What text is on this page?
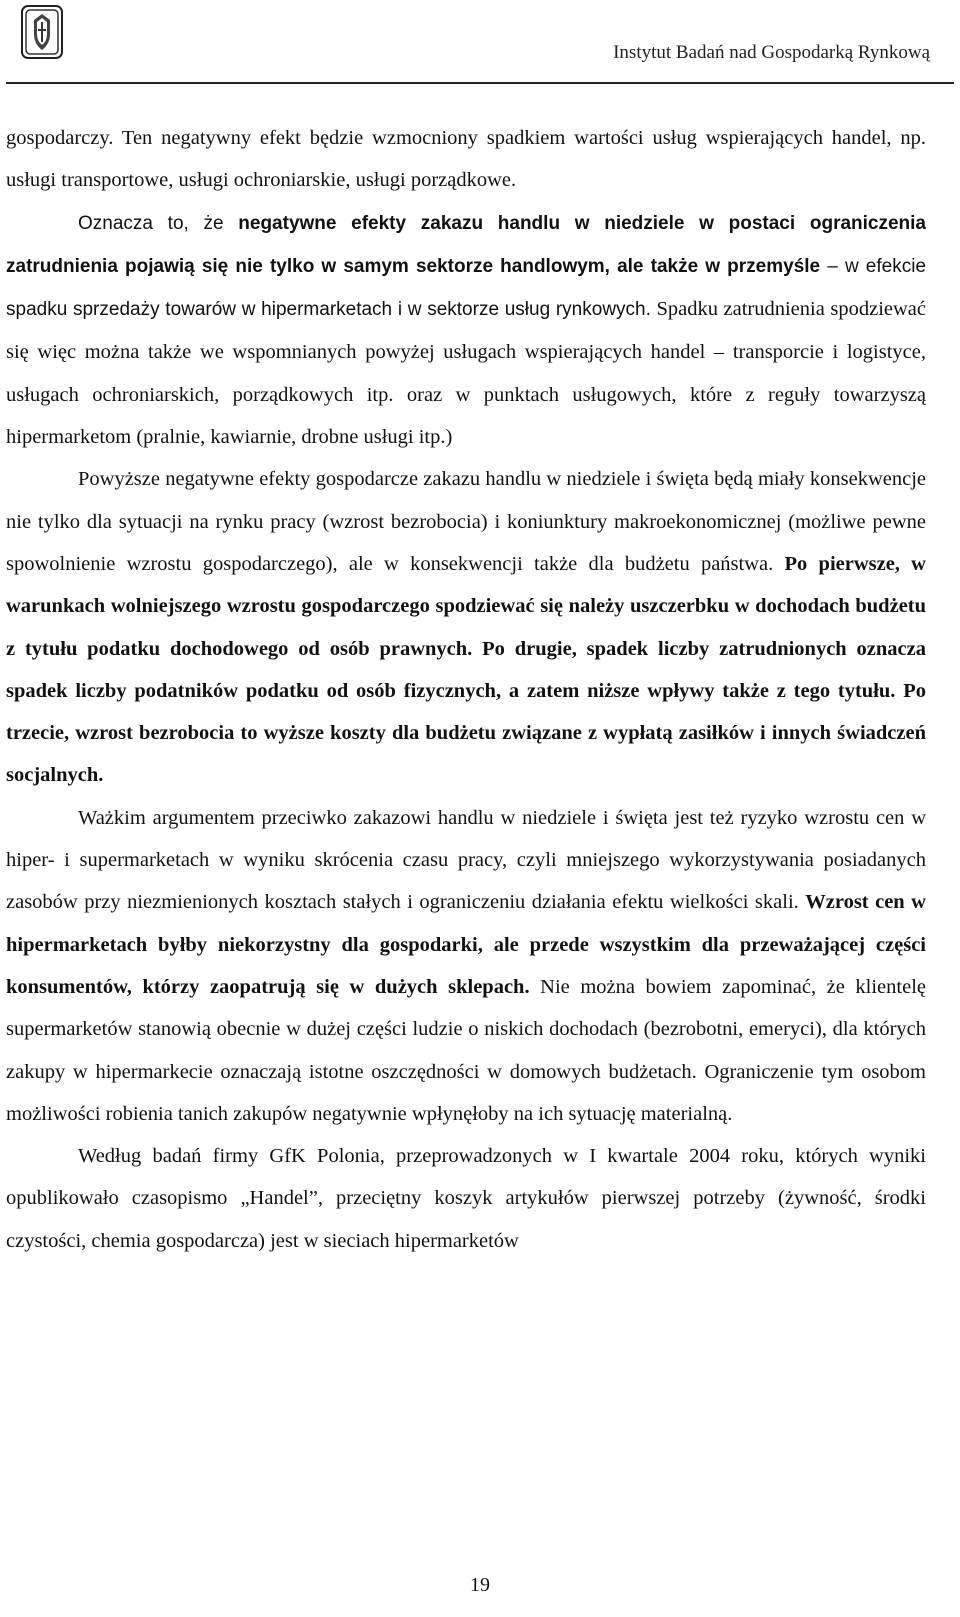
Instytut Badań nad Gospodarką Rynkową

gospodarczy. Ten negatywny efekt będzie wzmocniony spadkiem wartości usług wspierających handel, np. usługi transportowe, usługi ochroniarskie, usługi porządkowe.

Oznacza to, że negatywne efekty zakazu handlu w niedziele w postaci ograniczenia zatrudnienia pojawią się nie tylko w samym sektorze handlowym, ale także w przemyśle – w efekcie spadku sprzedaży towarów w hipermarketach i w sektorze usług rynkowych. Spadku zatrudnienia spodziewać się więc można także we wspomnianych powyżej usługach wspierających handel – transporcie i logistyce, usługach ochroniarskich, porządkowych itp. oraz w punktach usługowych, które z reguły towarzyszą hipermarketom (pralnie, kawiarnie, drobne usługi itp.)

Powyższe negatywne efekty gospodarcze zakazu handlu w niedziele i święta będą miały konsekwencje nie tylko dla sytuacji na rynku pracy (wzrost bezrobocia) i koniunktury makroekonomicznej (możliwe pewne spowolnienie wzrostu gospodarczego), ale w konsekwencji także dla budżetu państwa. Po pierwsze, w warunkach wolniejszego wzrostu gospodarczego spodziewać się należy uszczerbku w dochodach budżetu z tytułu podatku dochodowego od osób prawnych. Po drugie, spadek liczby zatrudnionych oznacza spadek liczby podatników podatku od osób fizycznych, a zatem niższe wpływy także z tego tytułu. Po trzecie, wzrost bezrobocia to wyższe koszty dla budżetu związane z wypłatą zasiłków i innych świadczeń socjalnych.

Ważkim argumentem przeciwko zakazowi handlu w niedziele i święta jest też ryzyko wzrostu cen w hiper- i supermarketach w wyniku skrócenia czasu pracy, czyli mniejszego wykorzystywania posiadanych zasobów przy niezmienionych kosztach stałych i ograniczeniu działania efektu wielkości skali. Wzrost cen w hipermarketach byłby niekorzystny dla gospodarki, ale przede wszystkim dla przeważającej części konsumentów, którzy zaopatrują się w dużych sklepach. Nie można bowiem zapominać, że klientelę supermarketów stanowią obecnie w dużej części ludzie o niskich dochodach (bezrobotni, emeryci), dla których zakupy w hipermarkecie oznaczają istotne oszczędności w domowych budżetach. Ograniczenie tym osobom możliwości robienia tanich zakupów negatywnie wpłynęłoby na ich sytuację materialną.

Według badań firmy GfK Polonia, przeprowadzonych w I kwartale 2004 roku, których wyniki opublikowało czasopismo „Handel”, przeciętny koszyk artykułów pierwszej potrzeby (żywność, środki czystości, chemia gospodarcza) jest w sieciach hipermarketów

19
